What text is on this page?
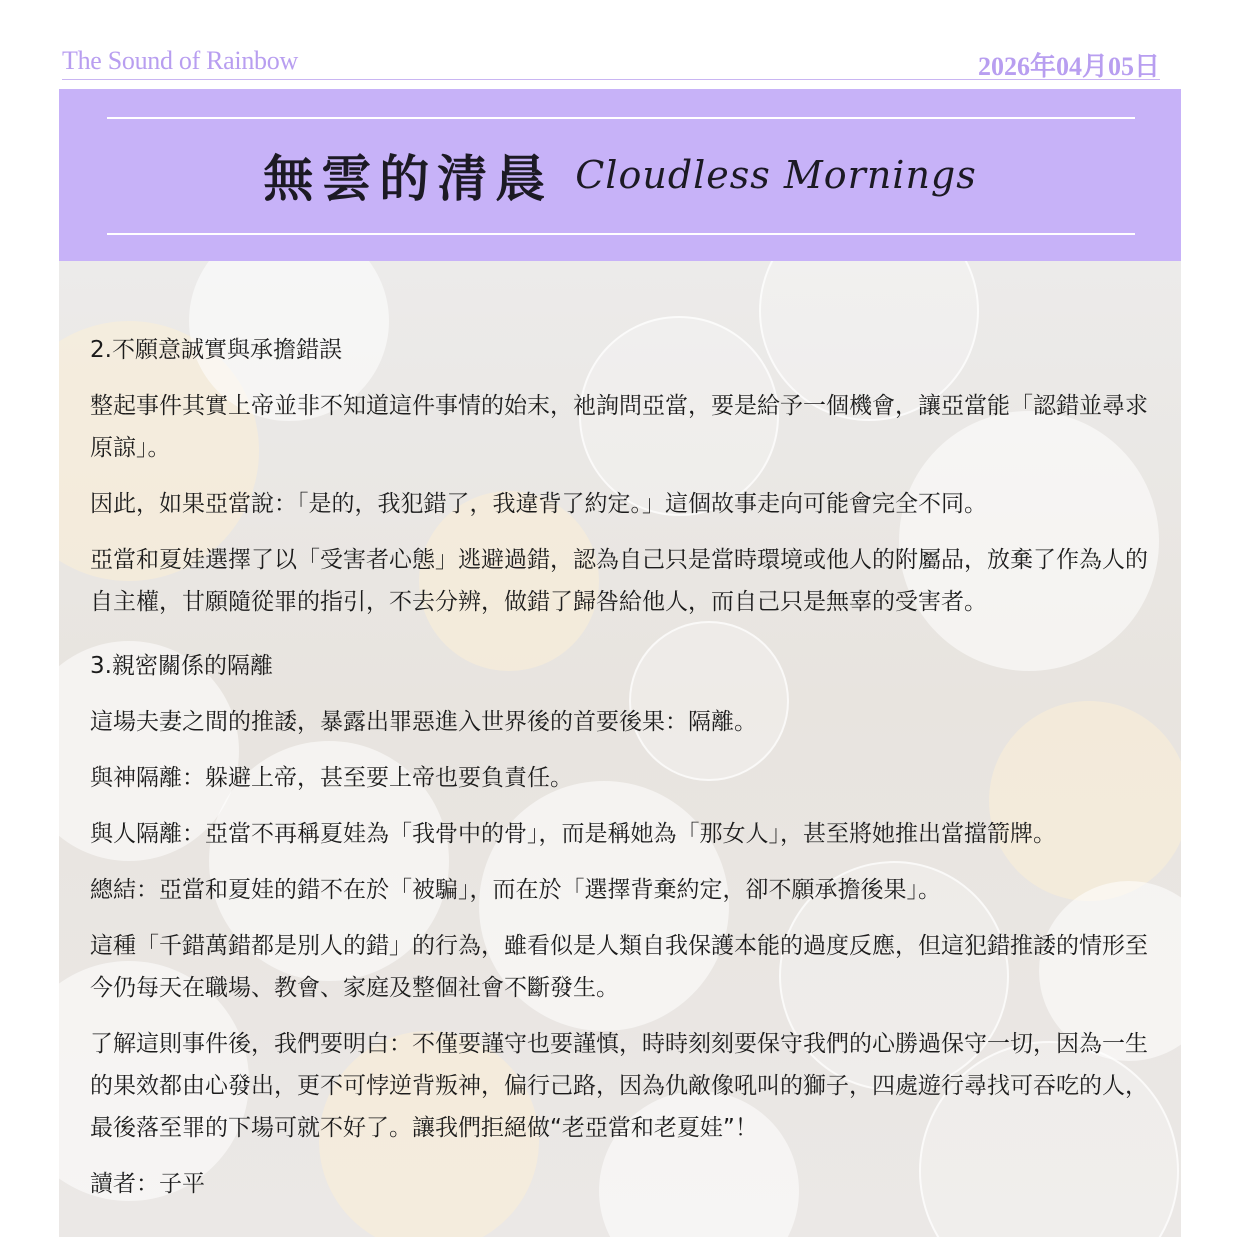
The Sound of Rainbow	2026年04月05日
無雲的清晨 Cloudless Mornings
2.不願意誠實與承擔錯誤

整起事件其實上帝並非不知道這件事情的始末，祂詢問亞當，要是給予一個機會，讓亞當能「認錯並尋求原諒」。

因此，如果亞當說：「是的，我犯錯了，我違背了約定。」這個故事走向可能會完全不同。

亞當和夏娃選擇了以「受害者心態」逃避過錯，認為自己只是當時環境或他人的附屬品，放棄了作為人的自主權，甘願隨從罪的指引，不去分辨，做錯了歸咎給他人，而自己只是無辜的受害者。

3.親密關係的隔離

這場夫妻之間的推諉，暴露出罪惡進入世界後的首要後果：隔離。

與神隔離：躲避上帝，甚至要上帝也要負責任。

與人隔離：亞當不再稱夏娃為「我骨中的骨」，而是稱她為「那女人」，甚至將她推出當擋箭牌。

總結：亞當和夏娃的錯不在於「被騙」，而在於「選擇背棄約定，卻不願承擔後果」。

這種「千錯萬錯都是別人的錯」的行為，雖看似是人類自我保護本能的過度反應，但這犯錯推諉的情形至今仍每天在職場、教會、家庭及整個社會不斷發生。

了解這則事件後，我們要明白：不僅要謹守也要謹慎，時時刻刻要保守我們的心勝過保守一切，因為一生的果效都由心發出，更不可悖逆背叛神，偏行己路，因為仇敵像吼叫的獅子，四處遊行尋找可吞吃的人，最後落至罪的下場可就不好了。讓我們拒絕做“老亞當和老夏娃”！

讀者：子平
